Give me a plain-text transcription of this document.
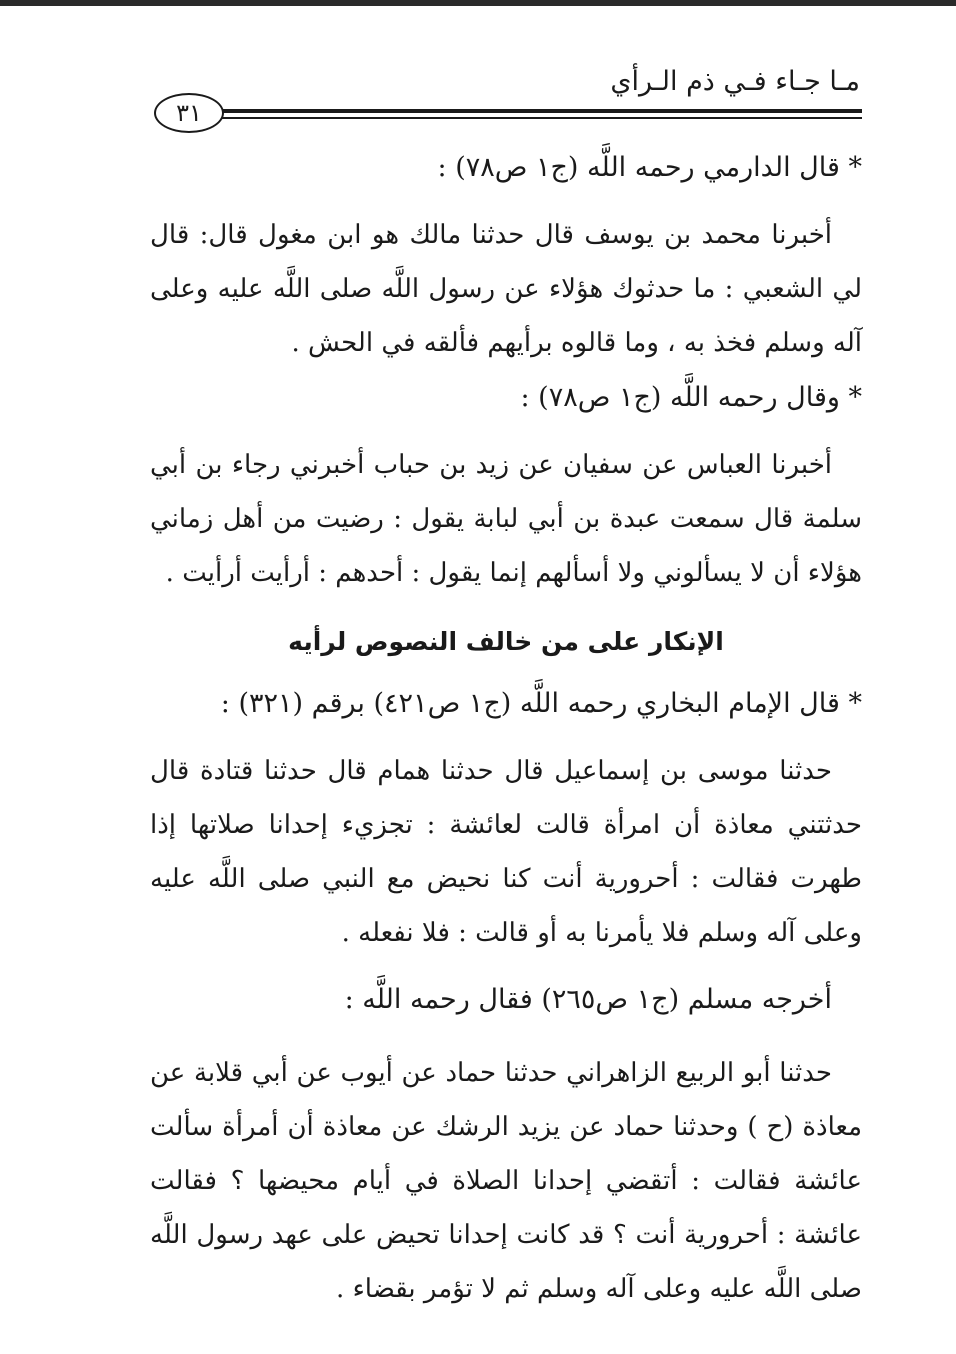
مـا جـاء فـي ذم الـرأي
٣١

* قال الدارمي رحمه اللَّه (ج١ ص٧٨) :

أخبرنا محمد بن يوسف قال حدثنا مالك هو ابن مغول قال: قال لي الشعبي : ما حدثوك هؤلاء عن رسول اللَّه صلى اللَّه عليه وعلى آله وسلم فخذ به ، وما قالوه برأيهم فألقه في الحش .

* وقال رحمه اللَّه (ج١ ص٧٨) :

أخبرنا العباس عن سفيان عن زيد بن حباب أخبرني رجاء بن أبي سلمة قال سمعت عبدة بن أبي لبابة يقول : رضيت من أهل زماني هؤلاء أن لا يسألوني ولا أسألهم إنما يقول : أحدهم : أرأيت أرأيت .

الإنكار على من خالف النصوص لرأيه

* قال الإمام البخاري رحمه اللَّه (ج١ ص٤٢١) برقم (٣٢١) :

حدثنا موسى بن إسماعيل قال حدثنا همام قال حدثنا قتادة قال حدثتني معاذة أن امرأة قالت لعائشة : تجزيء إحدانا صلاتها إذا طهرت فقالت : أحرورية أنت كنا نحيض مع النبي صلى اللَّه عليه وعلى آله وسلم فلا يأمرنا به أو قالت : فلا نفعله .

أخرجه مسلم (ج١ ص٢٦٥) فقال رحمه اللَّه :

حدثنا أبو الربيع الزاهراني حدثنا حماد عن أيوب عن أبي قلابة عن معاذة (ح ) وحدثنا حماد عن يزيد الرشك عن معاذة أن أمرأة سألت عائشة فقالت : أتقضي إحدانا الصلاة في أيام محيضها ؟ فقالت عائشة : أحرورية أنت ؟ قد كانت إحدانا تحيض على عهد رسول اللَّه صلى اللَّه عليه وعلى آله وسلم ثم لا تؤمر بقضاء .
